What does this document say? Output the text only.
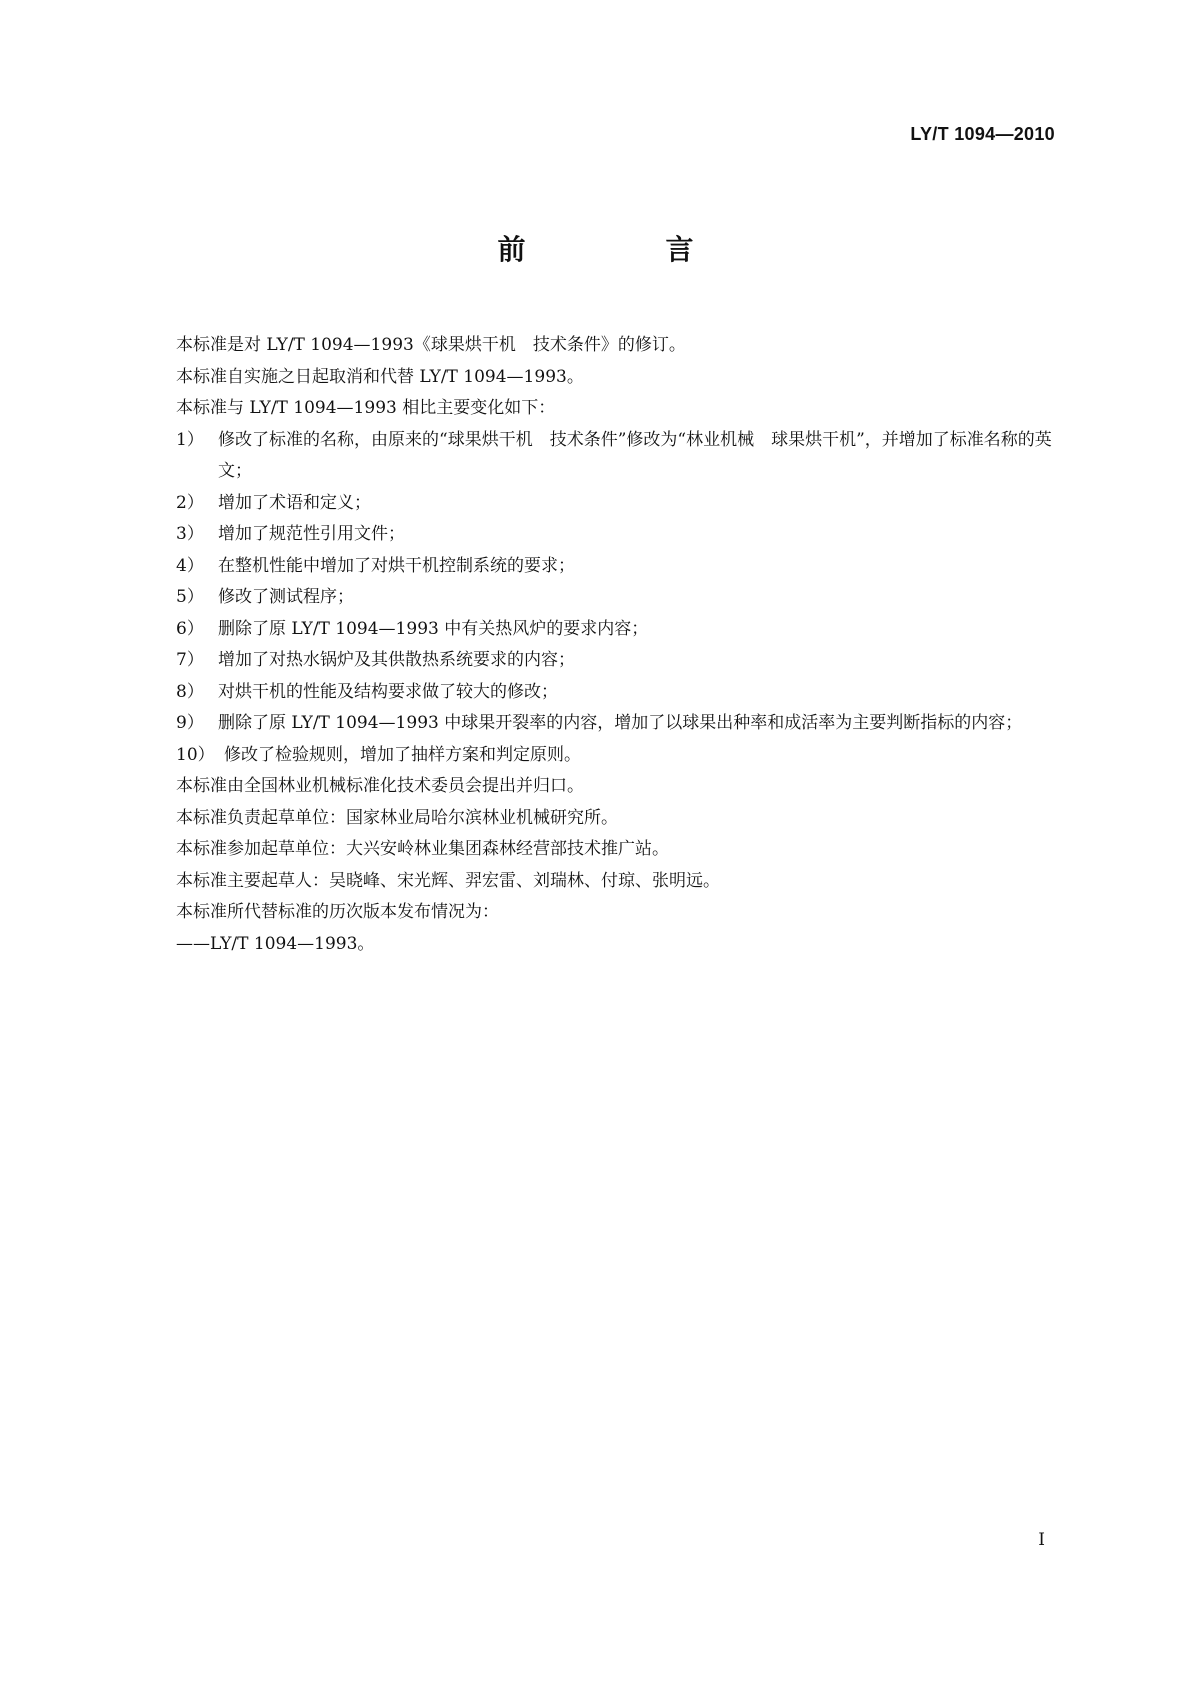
LY/T 1094—2010
前　言
本标准是对 LY/T 1094—1993《球果烘干机　技术条件》的修订。
本标准自实施之日起取消和代替 LY/T 1094—1993。
本标准与 LY/T 1094—1993 相比主要变化如下：
1） 修改了标准的名称，由原来的“球果烘干机　技术条件”修改为“林业机械　球果烘干机”，并增加了标准名称的英文；
2） 增加了术语和定义；
3） 增加了规范性引用文件；
4） 在整机性能中增加了对烘干机控制系统的要求；
5） 修改了测试程序；
6） 删除了原 LY/T 1094—1993 中有关热风炉的要求内容；
7） 增加了对热水锅炉及其供散热系统要求的内容；
8） 对烘干机的性能及结构要求做了较大的修改；
9） 删除了原 LY/T 1094—1993 中球果开裂率的内容，增加了以球果出种率和成活率为主要判断指标的内容；
10） 修改了检验规则，增加了抽样方案和判定原则。
本标准由全国林业机械标准化技术委员会提出并归口。
本标准负责起草单位：国家林业局哈尔滨林业机械研究所。
本标准参加起草单位：大兴安岭林业集团森林经营部技术推广站。
本标准主要起草人：吴晓峰、宋光辉、羿宏雷、刘瑞林、付琼、张明远。
本标准所代替标准的历次版本发布情况为：
——LY/T 1094—1993。
I
